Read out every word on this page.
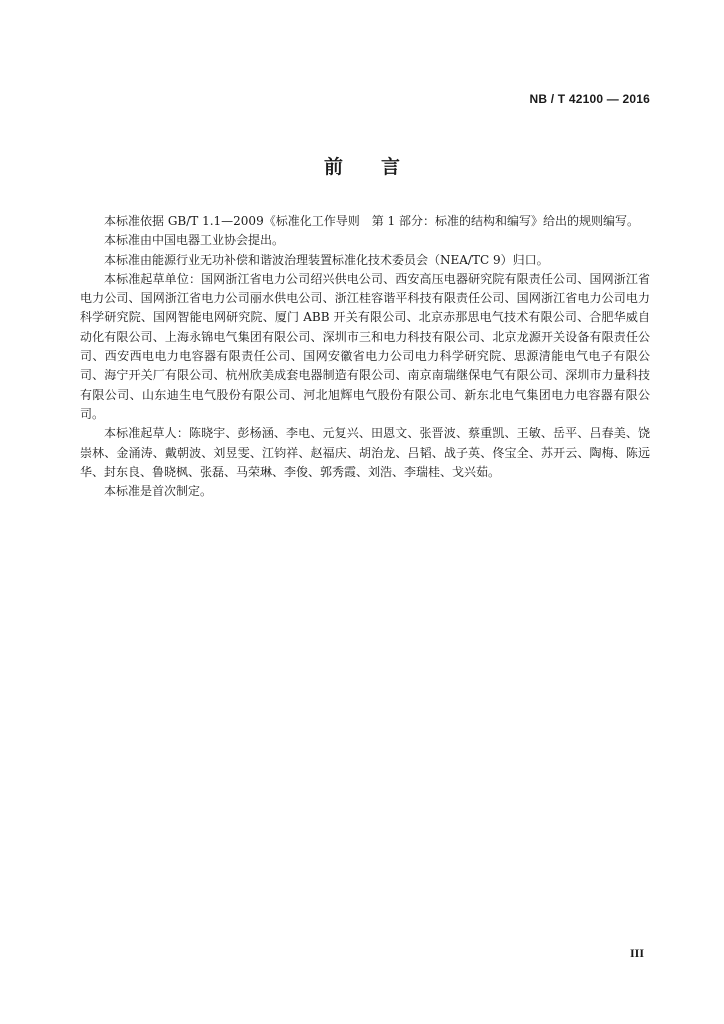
NB / T 42100 — 2016
前言

本标准依据 GB/T 1.1—2009《标准化工作导则　第 1 部分：标准的结构和编写》给出的规则编写。

本标准由中国电器工业协会提出。

本标准由能源行业无功补偿和谐波治理装置标准化技术委员会（NEA/TC 9）归口。

本标准起草单位：国网浙江省电力公司绍兴供电公司、西安高压电器研究院有限责任公司、国网浙江省电力公司、国网浙江省电力公司丽水供电公司、浙江桂容谐平科技有限责任公司、国网浙江省电力公司电力科学研究院、国网智能电网研究院、厦门 ABB 开关有限公司、北京赤那思电气技术有限公司、合肥华威自动化有限公司、上海永锦电气集团有限公司、深圳市三和电力科技有限公司、北京龙源开关设备有限责任公司、西安西电电力电容器有限责任公司、国网安徽省电力公司电力科学研究院、思源清能电气电子有限公司、海宁开关厂有限公司、杭州欣美成套电器制造有限公司、南京南瑞继保电气有限公司、深圳市力量科技有限公司、山东迪生电气股份有限公司、河北旭辉电气股份有限公司、新东北电气集团电力电容器有限公司。

本标准起草人：陈晓宇、彭杨涵、李电、元复兴、田恩文、张晋波、蔡重凯、王敏、岳平、吕春美、饶崇林、金涌涛、戴朝波、刘昱雯、江钧祥、赵福庆、胡治龙、吕韬、战子英、佟宝全、苏开云、陶梅、陈远华、封东良、鲁晓枫、张磊、马荣琳、李俊、郭秀霞、刘浩、李瑞桂、戈兴茹。

本标准是首次制定。

III
